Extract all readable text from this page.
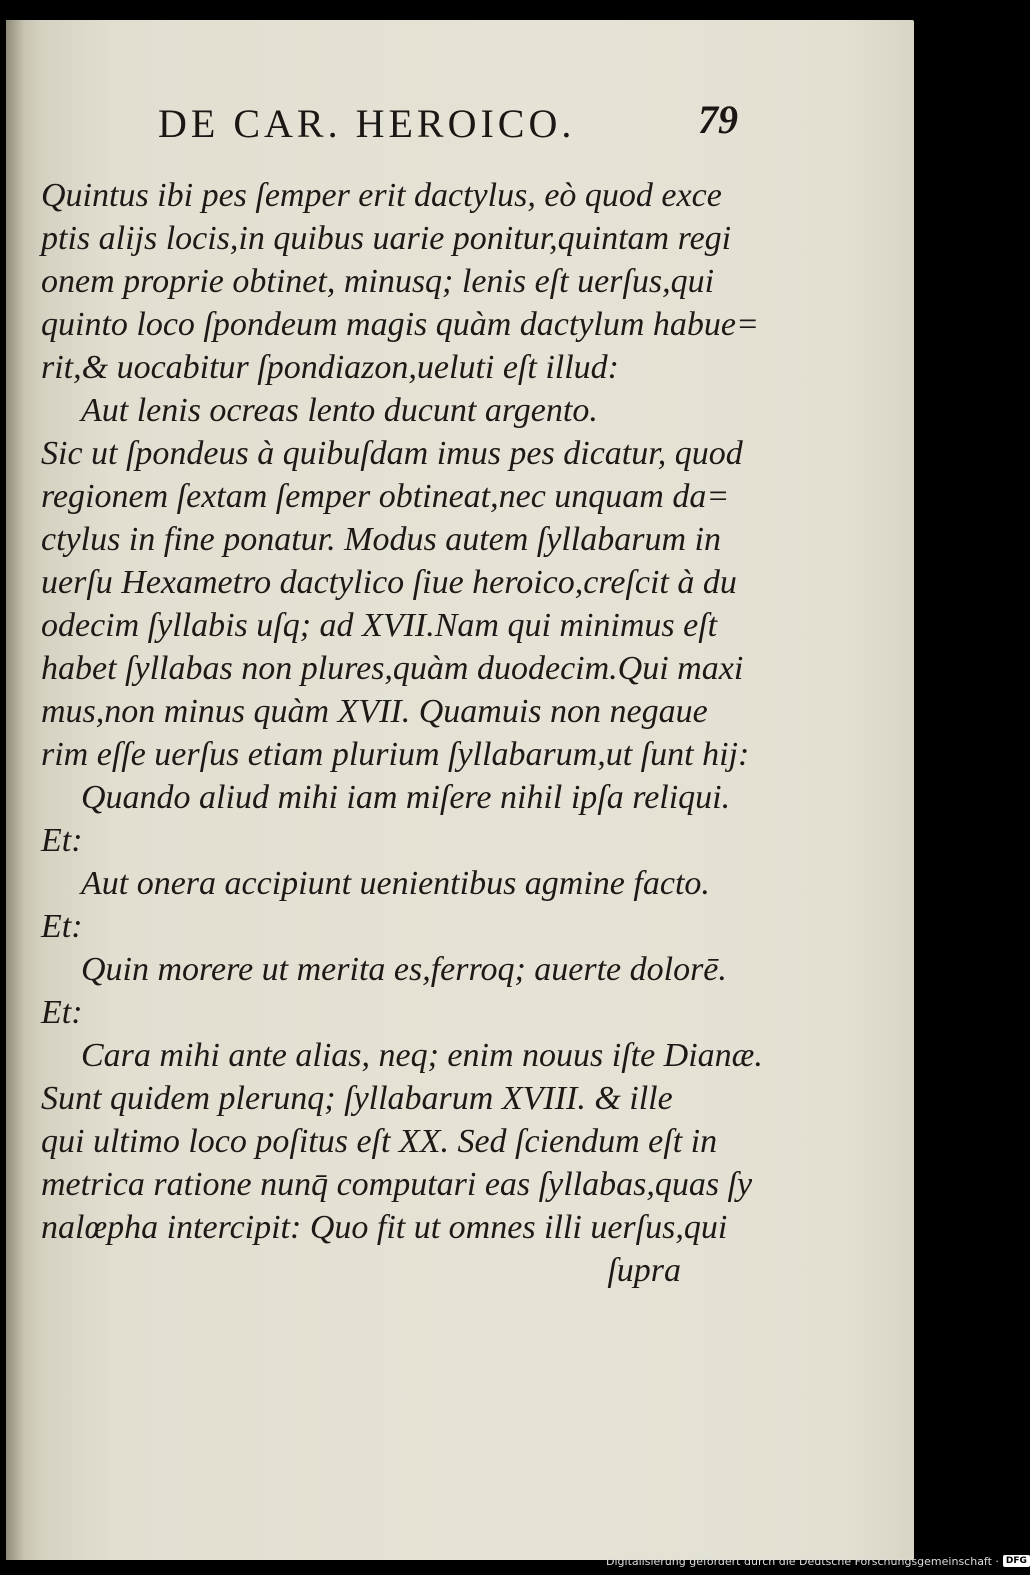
DE CAR. HEROICO.	79
Quintus ibi pes ſemper erit dactylus, eò quod exce
ptis alijs locis,in quibus uarie ponitur,quintam regi
onem proprie obtinet, minusq; lenis eſt uerſus,qui
quinto loco ſpondeum magis quàm dactylum habue=
rit,& uocabitur ſpondiazon,ueluti eſt illud:
Aut lenis ocreas lento ducunt argento.
Sic ut ſpondeus à quibuſdam imus pes dicatur, quod
regionem ſextam ſemper obtineat,nec unquam da=
ctylus in fine ponatur. Modus autem ſyllabarum in
uerſu Hexametro dactylico ſiue heroico,creſcit à du
odecim ſyllabis uſq; ad XVII.Nam qui minimus eſt
habet ſyllabas non plures,quàm duodecim.Qui maxi
mus,non minus quàm XVII. Quamuis non negaue
rim eſſe uerſus etiam plurium ſyllabarum,ut ſunt hij:
Quando aliud mihi iam miſere nihil ipſa reliqui.
Et:
Aut onera accipiunt uenientibus agmine facto.
Et:
Quin morere ut merita es,ferroq; auerte dolorē.
Et:
Cara mihi ante alias, neq; enim nouus iſte Dianæ.
Sunt quidem plerunq; ſyllabarum XVIII. & ille
qui ultimo loco poſitus eſt XX. Sed ſciendum eſt in
metrica ratione nunq̄ computari eas ſyllabas,quas ſy
nalœpha intercipit: Quo fit ut omnes illi uerſus,qui
ſupra
Digitalisierung gefördert durch die Deutsche Forschungsgemeinschaft · DFG
